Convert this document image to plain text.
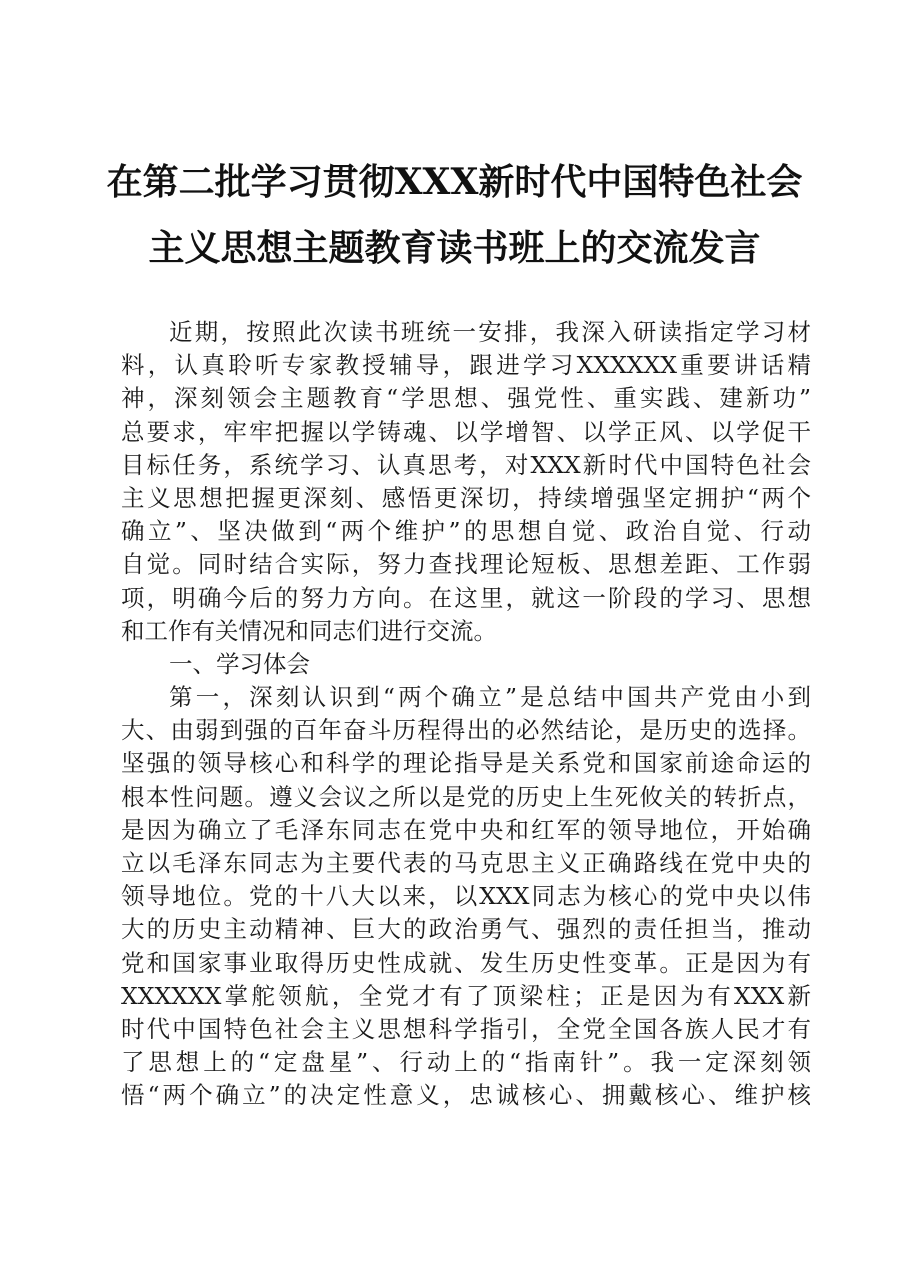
在第二批学习贯彻XXX新时代中国特色社会
主义思想主题教育读书班上的交流发言
近期，按照此次读书班统一安排，我深入研读指定学习材
料，认真聆听专家教授辅导，跟进学习XXXXXX重要讲话精
神，深刻领会主题教育“学思想、强党性、重实践、建新功”
总要求，牢牢把握以学铸魂、以学增智、以学正风、以学促干
目标任务，系统学习、认真思考，对XXX新时代中国特色社会
主义思想把握更深刻、感悟更深切，持续增强坚定拥护“两个
确立”、坚决做到“两个维护”的思想自觉、政治自觉、行动
自觉。同时结合实际，努力查找理论短板、思想差距、工作弱
项，明确今后的努力方向。在这里，就这一阶段的学习、思想
和工作有关情况和同志们进行交流。
一、学习体会
第一，深刻认识到“两个确立”是总结中国共产党由小到
大、由弱到强的百年奋斗历程得出的必然结论，是历史的选择。
坚强的领导核心和科学的理论指导是关系党和国家前途命运的
根本性问题。遵义会议之所以是党的历史上生死攸关的转折点，
是因为确立了毛泽东同志在党中央和红军的领导地位，开始确
立以毛泽东同志为主要代表的马克思主义正确路线在党中央的
领导地位。党的十八大以来，以XXX同志为核心的党中央以伟
大的历史主动精神、巨大的政治勇气、强烈的责任担当，推动
党和国家事业取得历史性成就、发生历史性变革。正是因为有
XXXXXX掌舵领航，全党才有了顶梁柱；正是因为有XXX新
时代中国特色社会主义思想科学指引，全党全国各族人民才有
了思想上的“定盘星”、行动上的“指南针”。我一定深刻领
悟“两个确立”的决定性意义，忠诚核心、拥戴核心、维护核
